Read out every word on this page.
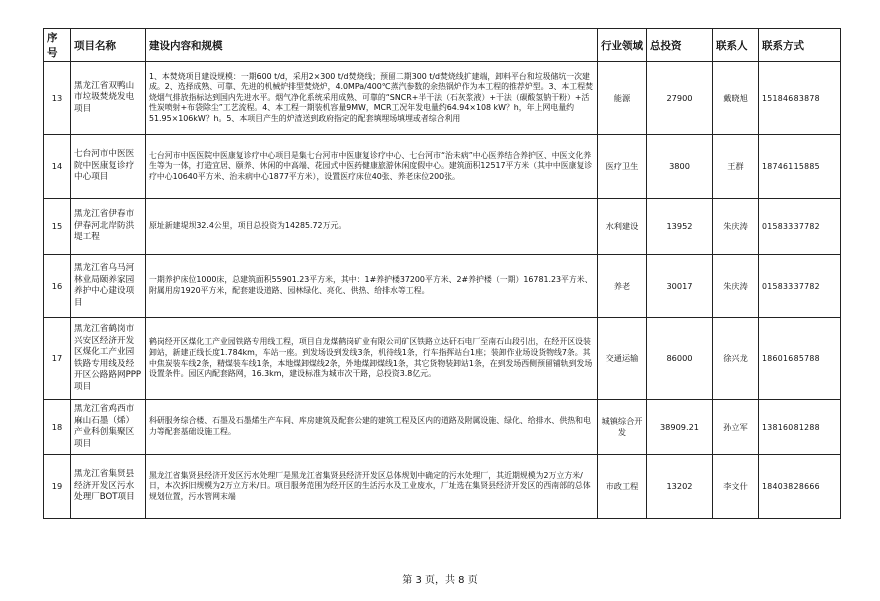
序号	项目名称	建设内容和规模	行业领域	总投资	联系人	联系方式
13	黑龙江省双鸭山市垃圾焚烧发电项目	1、本焚烧项目建设规模：一期600 t/d，采用2×300 t/d焚烧线；预留二期300 t/d焚烧线扩建端，卸料平台和垃圾储坑一次建成。2、选择成熟、可靠、先进的机械炉排型焚烧炉，4.0MPa/400℃蒸汽参数的余热锅炉作为本工程的推荐炉型。3、本工程焚烧烟气排放指标达到国内先进水平。烟气净化系统采用成熟、可靠的“SNCR+半干法（石灰浆液）+干法（碳酸氢钠干粉）+活性炭喷射+布袋除尘”工艺流程。4、本工程一期装机容量9MW，MCR工况年发电量约64.94×108 kW？h，年上网电量约51.95×106kW？h。5、本项目产生的炉渣送到政府指定的配套填埋场填埋或者综合利用	能源	27900	戴晓旭	15184683878
14	七台河市中医医院中医康复诊疗中心项目	七台河市中医医院中医康复诊疗中心项目是集七台河市中医康复诊疗中心、七台河市“治未病”中心医养结合养护区、中医文化养生等为一体，打造宜居、颐养、休闲的中高端、花园式中医药健康旅游休闲度假中心。建筑面积12517平方米（其中中医康复诊疗中心10640平方米、治未病中心1877平方米），设置医疗床位40张、养老床位200张。	医疗卫生	3800	王群	18746115885
15	黑龙江省伊春市伊春河北岸防洪堤工程	原址新建堤坝32.4公里，项目总投资为14285.72万元。	水利建设	13952	朱庆涛	01583337782
16	黑龙江省乌马河林业局颐养家园养护中心建设项目	一期养护床位1000床，总建筑面积55901.23平方米，其中：1#养护楼37200平方米、2#养护楼（一期）16781.23平方米、附属用房1920平方米，配套建设道路、园林绿化、亮化、供热、给排水等工程。	养老	30017	朱庆涛	01583337782
17	黑龙江省鹤岗市兴安区经济开发区煤化工产业园铁路专用线及经开区公路路网PPP项目	鹤岗经开区煤化工产业园铁路专用线工程，项目自龙煤鹤岗矿业有限公司矿区铁路立达矸石电厂至南石山段引出，在经开区设装卸站，新建正线长度1.784km，车站一座。到发场设到发线3条，机待线1条，行车指挥站台1座；装卸作业场设货物线7条。其中焦炭装车线2条，精煤装车线1条，本地煤卸煤线2条，外地煤卸煤线1条，其它货物装卸站1条，在到发场西侧预留铺轨到发场设置条件。园区内配套路网，16.3km，建设标准为城市次干路，总投资3.8亿元。	交通运输	86000	徐兴龙	18601685788
18	黑龙江省鸡西市麻山石墨（烯）产业科创集聚区项目	科研服务综合楼、石墨及石墨烯生产车间、库房建筑及配套公建的建筑工程及区内的道路及附属设施、绿化、给排水、供热和电力等配套基础设施工程。	城镇综合开发	38909.21	孙立军	13816081288
19	黑龙江省集贤县经济开发区污水处理厂BOT项目	黑龙江省集贤县经济开发区污水处理厂是黑龙江省集贤县经济开发区总体规划中确定的污水处理厂，其近期规模为2万立方米/日，本次拆旧规模为2万立方米/日。项目服务范围为经开区的生活污水及工业废水，厂址选在集贤县经济开发区的西南部的总体规划位置，污水管网末端	市政工程	13202	李文什	18403828666
第 3 页，共 8 页
